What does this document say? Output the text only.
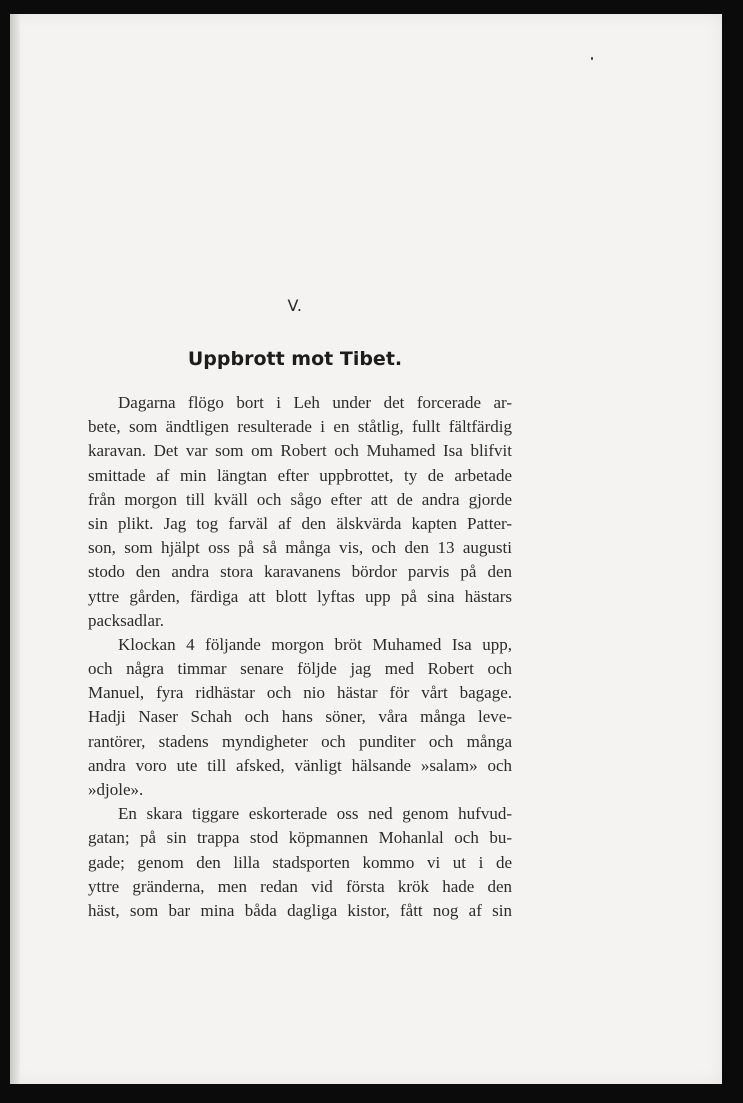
V.
Uppbrott mot Tibet.
Dagarna flögo bort i Leh under det forcerade ar-
bete, som ändtligen resulterade i en ståtlig, fullt fältfärdig
karavan. Det var som om Robert och Muhamed Isa blifvit
smittade af min längtan efter uppbrottet, ty de arbetade
från morgon till kväll och sågo efter att de andra gjorde
sin plikt. Jag tog farväl af den älskvärda kapten Patter-
son, som hjälpt oss på så många vis, och den 13 augusti
stodo den andra stora karavanens bördor parvis på den
yttre gården, färdiga att blott lyftas upp på sina hästars
packsadlar.
Klockan 4 följande morgon bröt Muhamed Isa upp,
och några timmar senare följde jag med Robert och
Manuel, fyra ridhästar och nio hästar för vårt bagage.
Hadji Naser Schah och hans söner, våra många leve-
rantörer, stadens myndigheter och punditer och många
andra voro ute till afsked, vänligt hälsande »salam» och
»djole».
En skara tiggare eskorterade oss ned genom hufvud-
gatan; på sin trappa stod köpmannen Mohanlal och bu-
gade; genom den lilla stadsporten kommo vi ut i de
yttre gränderna, men redan vid första krök hade den
häst, som bar mina båda dagliga kistor, fått nog af sin
